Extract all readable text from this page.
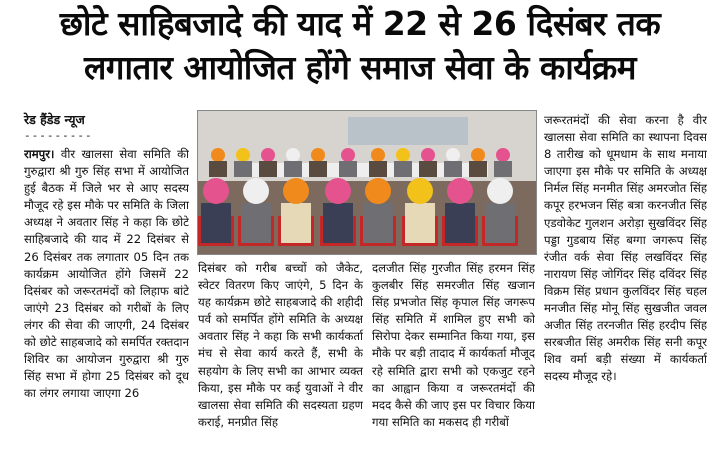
छोटे साहिबजादे की याद में 22 से 26 दिसंबर तक
लगातार आयोजित होंगे समाज सेवा के कार्यक्रम
रेड हैंडेड न्यूज
---------
रामपुर। वीर खालसा सेवा समिति की गुरुद्वारा श्री गुरु सिंह सभा में आयोजित हुई बैठक में जिले भर से आए सदस्य मौजूद रहे इस मौके पर समिति के जिला अध्यक्ष ने अवतार सिंह ने कहा कि छोटे साहिबजादे की याद में 22 दिसंबर से 26 दिसंबर तक लगातार 05 दिन तक कार्यक्रम आयोजित होंगे जिसमें 22 दिसंबर को जरूरतमंदों को लिहाफ बांटे जाएंगे 23 दिसंबर को गरीबों के लिए लंगर की सेवा की जाएगी, 24 दिसंबर को छोटे साहबजादे को समर्पित रक्तदान शिविर का आयोजन गुरुद्वारा श्री गुरु सिंह सभा में होगा 25 दिसंबर को दूध का लंगर लगाया जाएगा 26
दिसंबर को गरीब बच्चों को जैकेट, स्वेटर वितरण किए जाएंगे, 5 दिन के यह कार्यक्रम छोटे साहबजादे की शहीदी पर्व को समर्पित होंगे समिति के अध्यक्ष अवतार सिंह ने कहा कि सभी कार्यकर्ता मंच से सेवा कार्य करते हैं, सभी के सहयोग के लिए सभी का आभार व्यक्त किया, इस मौके पर कई युवाओं ने वीर खालसा सेवा समिति की सदस्यता ग्रहण कराई, मनप्रीत सिंह
दलजीत सिंह गुरजीत सिंह हरमन सिंह कुलबीर सिंह समरजीत सिंह खजान सिंह प्रभजोत सिंह कृपाल सिंह जगरूप सिंह समिति में शामिल हुए सभी को सिरोपा देकर सम्मानित किया गया, इस मौके पर बड़ी तादाद में कार्यकर्ता मौजूद रहे समिति द्वारा सभी को एकजुट रहने का आह्वान किया व जरूरतमंदों की मदद कैसे की जाए इस पर विचार किया गया समिति का मकसद ही गरीबों
जरूरतमंदों की सेवा करना है वीर खालसा सेवा समिति का स्थापना दिवस 8 तारीख को धूमधाम के साथ मनाया जाएगा इस मौके पर समिति के अध्यक्ष निर्मल सिंह मनमीत सिंह अमरजोत सिंह कपूर हरभजन सिंह बत्रा करनजीत सिंह एडवोकेट गुलशन अरोड़ा सुखविंदर सिंह पड्डा गुडबाय सिंह बग्गा जगरूप सिंह रंजीत वर्क सेवा सिंह लखविंदर सिंह नारायण सिंह जोगिंदर सिंह दविंदर सिंह विक्रम सिंह प्रधान कुलविंदर सिंह चहल मनजीत सिंह मोनू सिंह सुखजीत जवल अजीत सिंह तरनजीत सिंह हरदीप सिंह सरबजीत सिंह अमरीक सिंह सनी कपूर शिव वर्मा बड़ी संख्या में कार्यकर्ता सदस्य मौजूद रहे।
